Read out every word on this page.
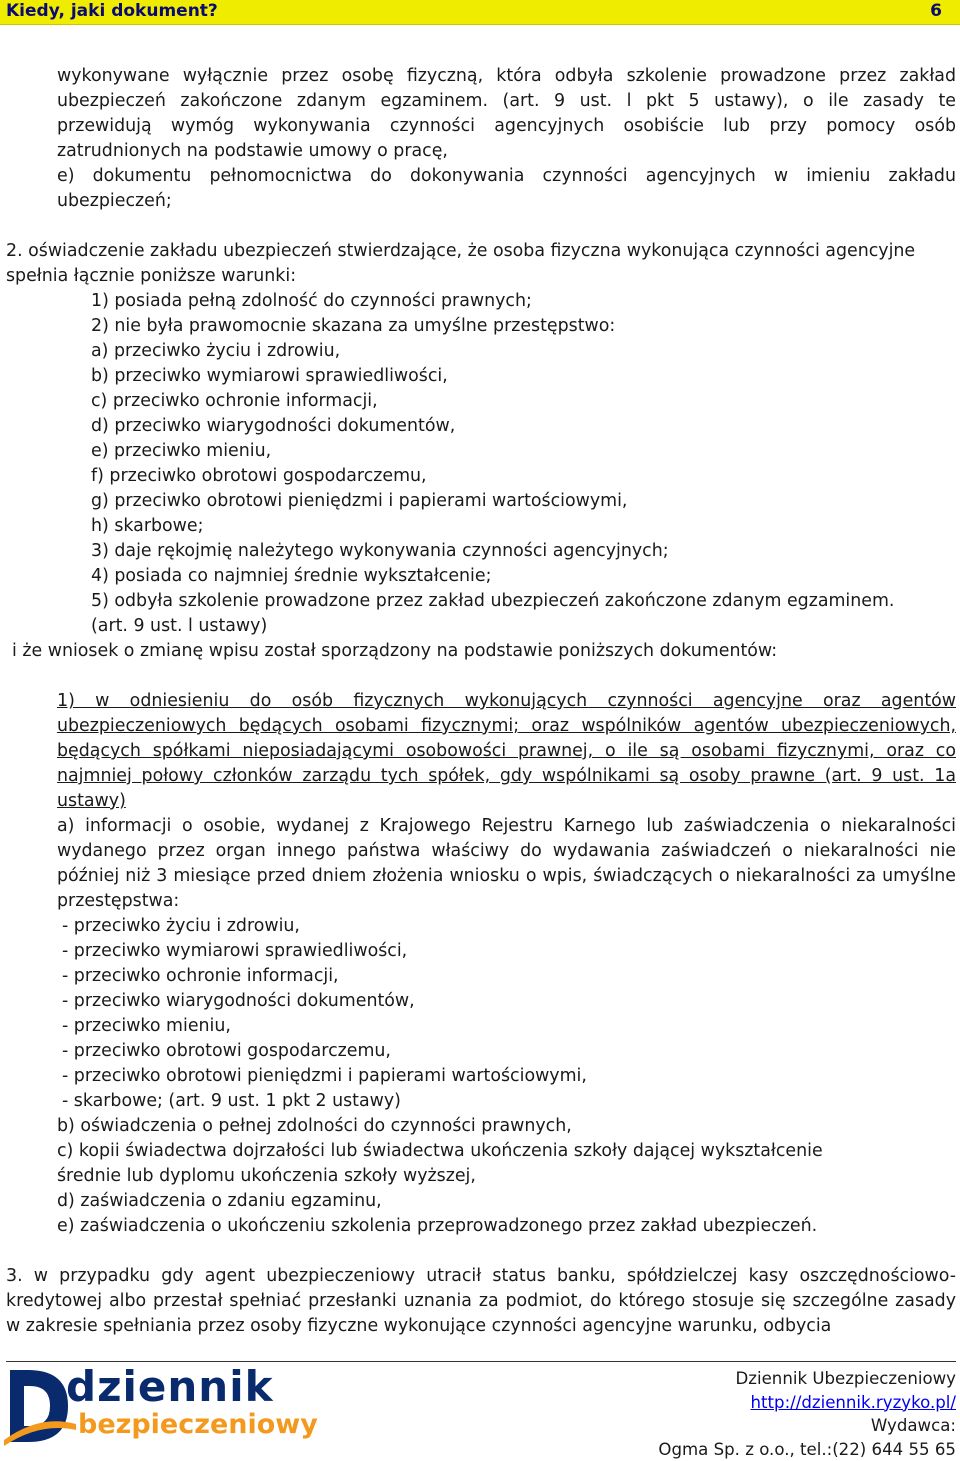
Kiedy, jaki dokument?	6
wykonywane wyłącznie przez osobę fizyczną, która odbyła szkolenie prowadzone przez zakład
ubezpieczeń zakończone zdanym egzaminem. (art. 9 ust. l pkt 5 ustawy), o ile zasady te
przewidują wymóg wykonywania czynności agencyjnych osobiście lub przy pomocy osób
zatrudnionych na podstawie umowy o pracę,

e) dokumentu pełnomocnictwa do dokonywania czynności agencyjnych w imieniu zakładu ubezpieczeń;

2. oświadczenie zakładu ubezpieczeń stwierdzające, że osoba fizyczna wykonująca czynności agencyjne spełnia łącznie poniższe warunki:

1) posiada pełną zdolność do czynności prawnych;
2) nie była prawomocnie skazana za umyślne przestępstwo:
a) przeciwko życiu i zdrowiu,
b) przeciwko wymiarowi sprawiedliwości,
c) przeciwko ochronie informacji,
d) przeciwko wiarygodności dokumentów,
e) przeciwko mieniu,
f) przeciwko obrotowi gospodarczemu,
g) przeciwko obrotowi pieniędzmi i papierami wartościowymi,
h) skarbowe;
3) daje rękojmię należytego wykonywania czynności agencyjnych;
4) posiada co najmniej średnie wykształcenie;
5) odbyła szkolenie prowadzone przez zakład ubezpieczeń zakończone zdanym egzaminem.
(art. 9 ust. l ustawy)

i że wniosek o zmianę wpisu został sporządzony na podstawie poniższych dokumentów:

1) w odniesieniu do osób fizycznych wykonujących czynności agencyjne oraz agentów ubezpieczeniowych będących osobami fizycznymi; oraz wspólników agentów ubezpieczeniowych, będących spółkami nieposiadającymi osobowości prawnej, o ile są osobami fizycznymi, oraz co najmniej połowy członków zarządu tych spółek, gdy wspólnikami są osoby prawne (art. 9 ust. 1a ustawy)

a) informacji o osobie, wydanej z Krajowego Rejestru Karnego lub zaświadczenia o niekaralności wydanego przez organ innego państwa właściwy do wydawania zaświadczeń o niekaralności nie później niż 3 miesiące przed dniem złożenia wniosku o wpis, świadczących o niekaralności za umyślne przestępstwa:

- przeciwko życiu i zdrowiu,
- przeciwko wymiarowi sprawiedliwości,
- przeciwko ochronie informacji,
- przeciwko wiarygodności dokumentów,
- przeciwko mieniu,
- przeciwko obrotowi gospodarczemu,
- przeciwko obrotowi pieniędzmi i papierami wartościowymi,
- skarbowe; (art. 9 ust. 1 pkt 2 ustawy)
b) oświadczenia o pełnej zdolności do czynności prawnych,
c) kopii świadectwa dojrzałości lub świadectwa ukończenia szkoły dającej wykształcenie
średnie lub dyplomu ukończenia szkoły wyższej,
d) zaświadczenia o zdaniu egzaminu,
e) zaświadczenia o ukończeniu szkolenia przeprowadzonego przez zakład ubezpieczeń.

3. w przypadku gdy agent ubezpieczeniowy utracił status banku, spółdzielczej kasy oszczędnościowo-kredytowej albo przestał spełniać przesłanki uznania za podmiot, do którego stosuje się szczególne zasady w zakresie spełniania przez osoby fizyczne wykonujące czynności agencyjne warunku, odbycia

dziennik
bezpieczeniowy
Dziennik Ubezpieczeniowy
http://dziennik.ryzyko.pl/
Wydawca:
Ogma Sp. z o.o., tel.:(22) 644 55 65
